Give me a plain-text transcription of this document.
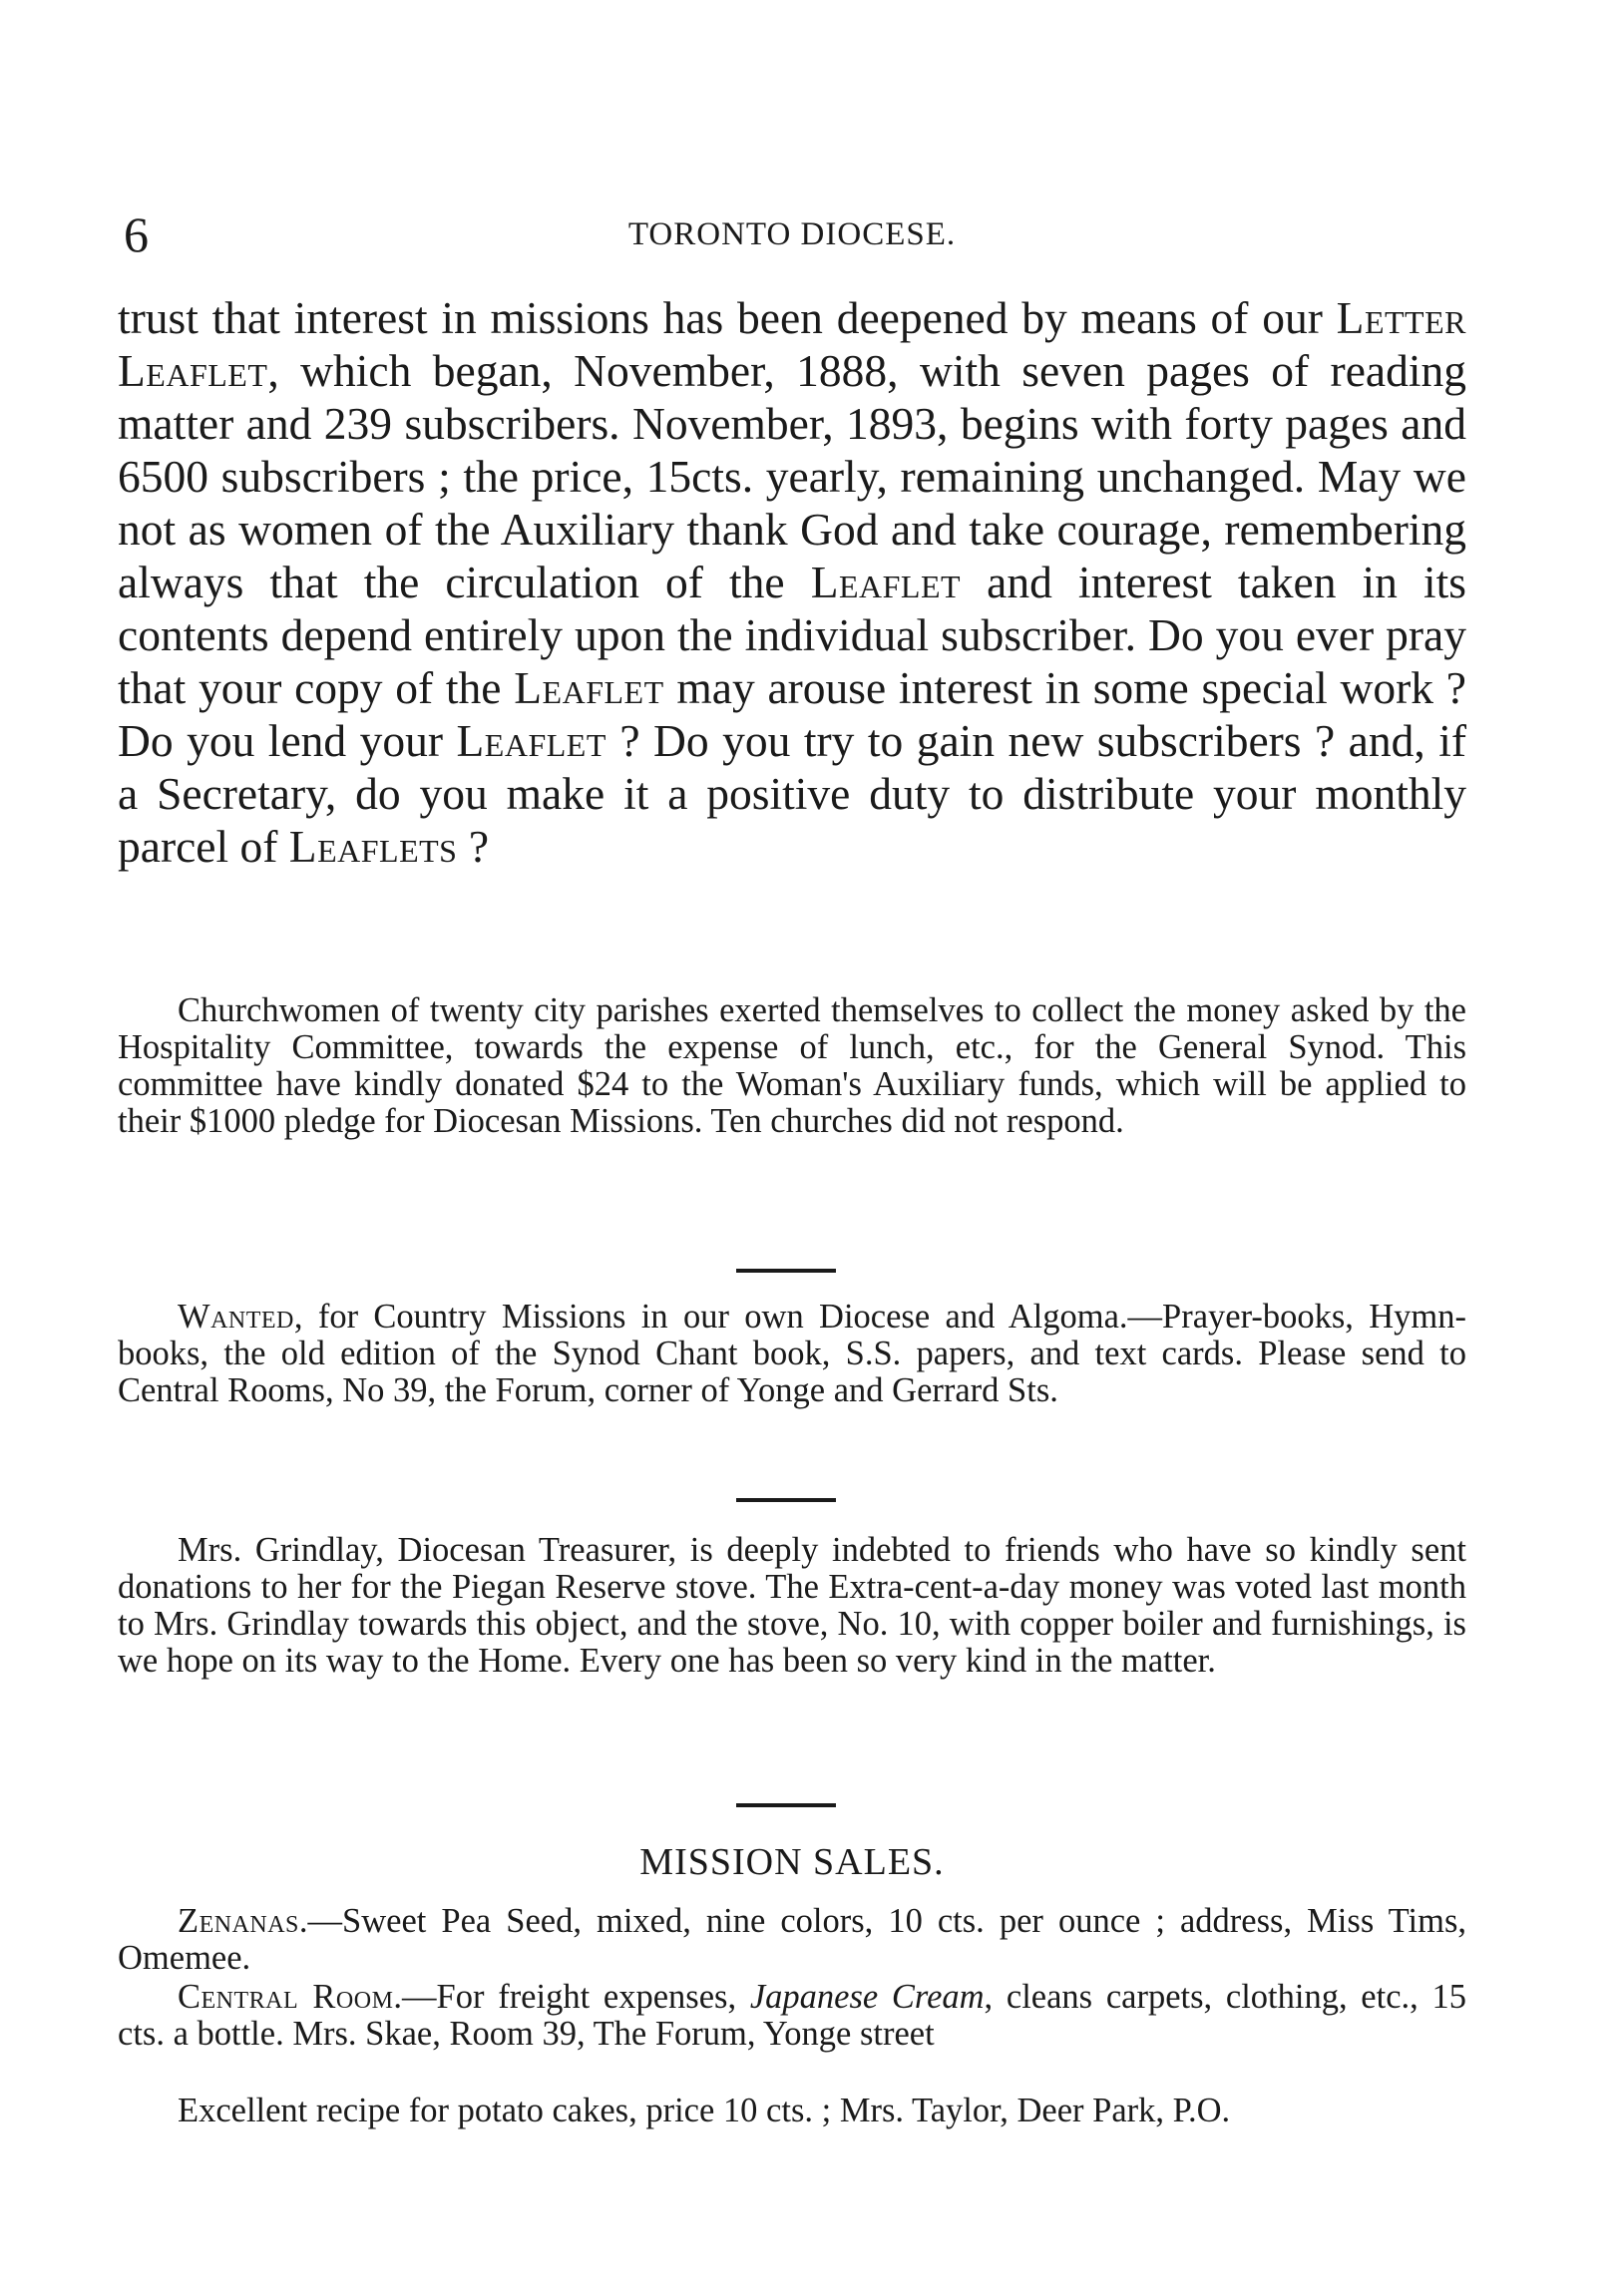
6	TORONTO DIOCESE.

trust that interest in missions has been deepened by means of our Letter Leaflet, which began, November, 1888, with seven pages of reading matter and 239 subscribers. November, 1893, begins with forty pages and 6500 subscribers ; the price, 15cts. yearly, remaining unchanged. May we not as women of the Auxiliary thank God and take courage, remembering always that the circulation of the Leaflet and interest taken in its contents depend entirely upon the individual subscriber. Do you ever pray that your copy of the Leaflet may arouse interest in some special work ? Do you lend your Leaflet ? Do you try to gain new subscribers ? and, if a Secretary, do you make it a positive duty to distribute your monthly parcel of Leaflets ?

Churchwomen of twenty city parishes exerted themselves to collect the money asked by the Hospitality Committee, towards the expense of lunch, etc., for the General Synod. This committee have kindly donated $24 to the Woman's Auxiliary funds, which will be applied to their $1000 pledge for Diocesan Missions. Ten churches did not respond.

Wanted, for Country Missions in our own Diocese and Algoma.—Prayer-books, Hymn-books, the old edition of the Synod Chant book, S.S. papers, and text cards. Please send to Central Rooms, No 39, the Forum, corner of Yonge and Gerrard Sts.

Mrs. Grindlay, Diocesan Treasurer, is deeply indebted to friends who have so kindly sent donations to her for the Piegan Reserve stove. The Extra-cent-a-day money was voted last month to Mrs. Grindlay towards this object, and the stove, No. 10, with copper boiler and furnishings, is we hope on its way to the Home. Every one has been so very kind in the matter.

MISSION SALES.

Zenanas.—Sweet Pea Seed, mixed, nine colors, 10 cts. per ounce ; address, Miss Tims, Omemee.

Central Room.—For freight expenses, Japanese Cream, cleans carpets, clothing, etc., 15 cts. a bottle. Mrs. Skae, Room 39, The Forum, Yonge street

Excellent recipe for potato cakes, price 10 cts. ; Mrs. Taylor, Deer Park, P.O.
